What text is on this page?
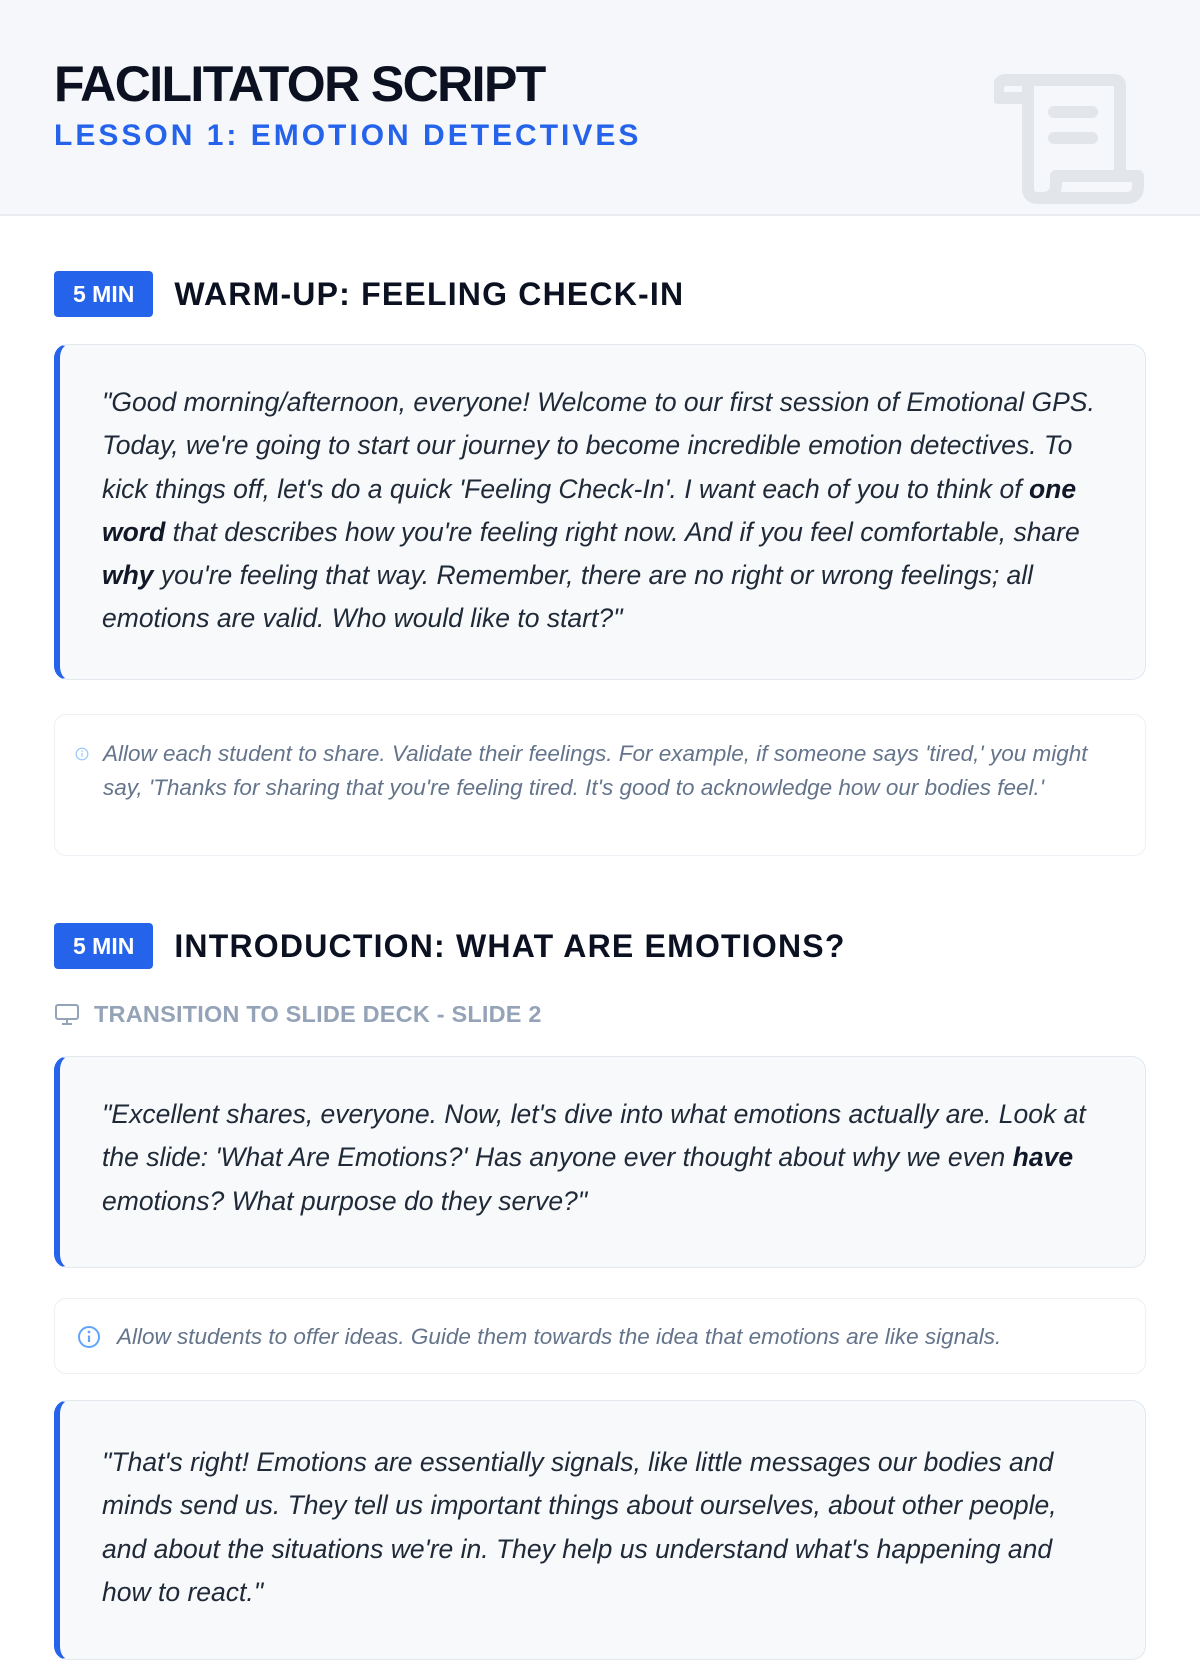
FACILITATOR SCRIPT
LESSON 1: EMOTION DETECTIVES
5 MIN	WARM-UP: FEELING CHECK-IN
"Good morning/afternoon, everyone! Welcome to our first session of Emotional GPS. Today, we're going to start our journey to become incredible emotion detectives. To kick things off, let's do a quick 'Feeling Check-In'. I want each of you to think of one word that describes how you're feeling right now. And if you feel comfortable, share why you're feeling that way. Remember, there are no right or wrong feelings; all emotions are valid. Who would like to start?"
Allow each student to share. Validate their feelings. For example, if someone says 'tired,' you might say, 'Thanks for sharing that you're feeling tired. It's good to acknowledge how our bodies feel.'
5 MIN	INTRODUCTION: WHAT ARE EMOTIONS?
TRANSITION TO SLIDE DECK - SLIDE 2
"Excellent shares, everyone. Now, let's dive into what emotions actually are. Look at the slide: 'What Are Emotions?' Has anyone ever thought about why we even have emotions? What purpose do they serve?"
Allow students to offer ideas. Guide them towards the idea that emotions are like signals.
"That's right! Emotions are essentially signals, like little messages our bodies and minds send us. They tell us important things about ourselves, about other people, and about the situations we're in. They help us understand what's happening and how to react."
